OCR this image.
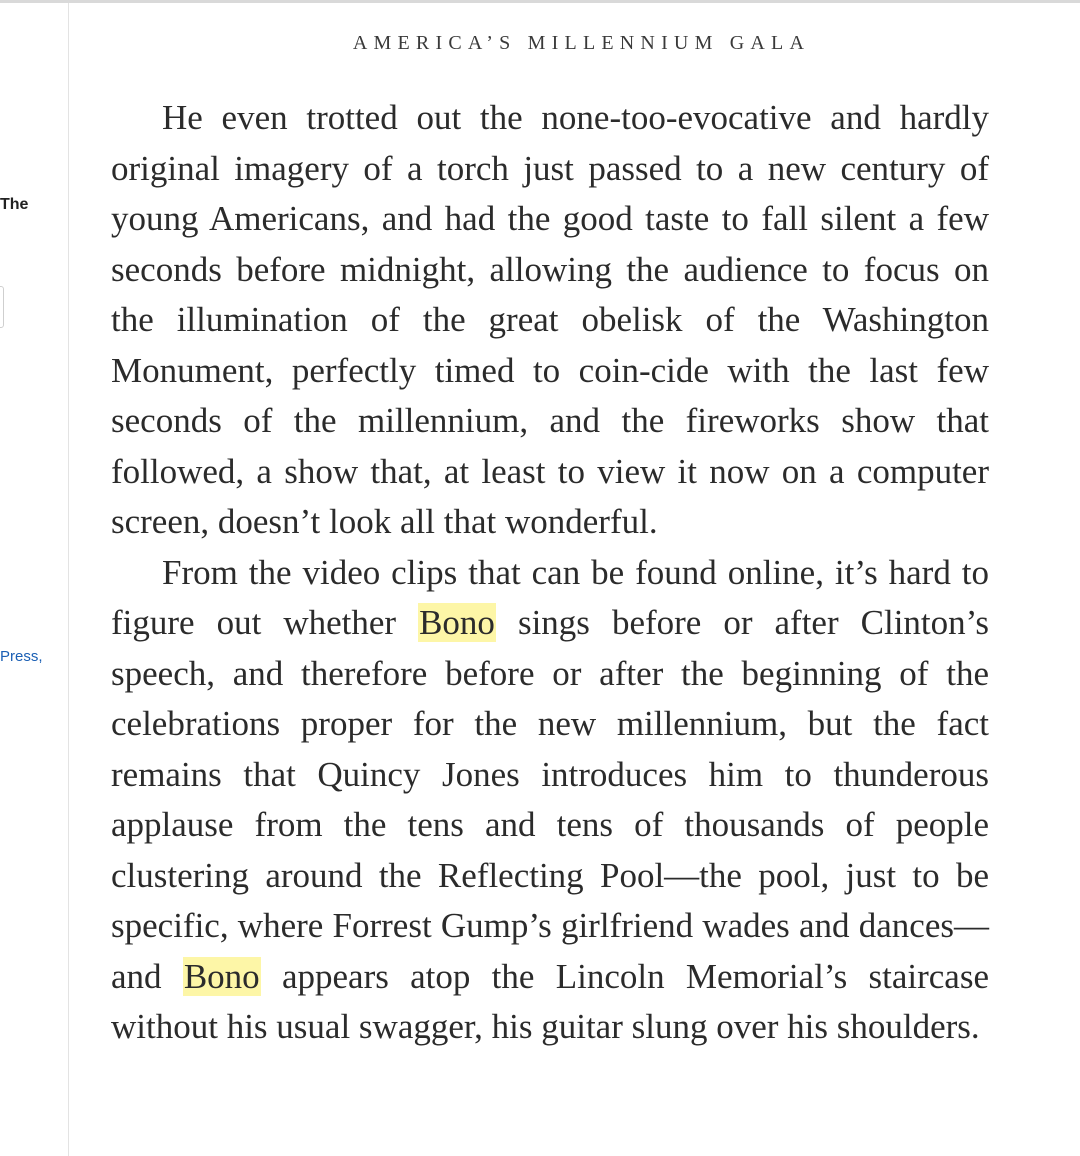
The
Press,
AMERICA’S MILLENNIUM GALA

He even trotted out the none-too-evocative and hardly original imagery of a torch just passed to a new century of young Americans, and had the good taste to fall silent a few seconds before midnight, allowing the audience to focus on the illumination of the great obelisk of the Washington Monument, perfectly timed to coin-cide with the last few seconds of the millennium, and the fireworks show that followed, a show that, at least to view it now on a computer screen, doesn’t look all that wonderful.

From the video clips that can be found online, it’s hard to figure out whether Bono sings before or after Clinton’s speech, and therefore before or after the beginning of the celebrations proper for the new millennium, but the fact remains that Quincy Jones introduces him to thunderous applause from the tens and tens of thousands of people clustering around the Reflecting Pool—the pool, just to be specific, where Forrest Gump’s girlfriend wades and dances—and Bono appears atop the Lincoln Memorial’s staircase without his usual swagger, his guitar slung over his shoulders.
